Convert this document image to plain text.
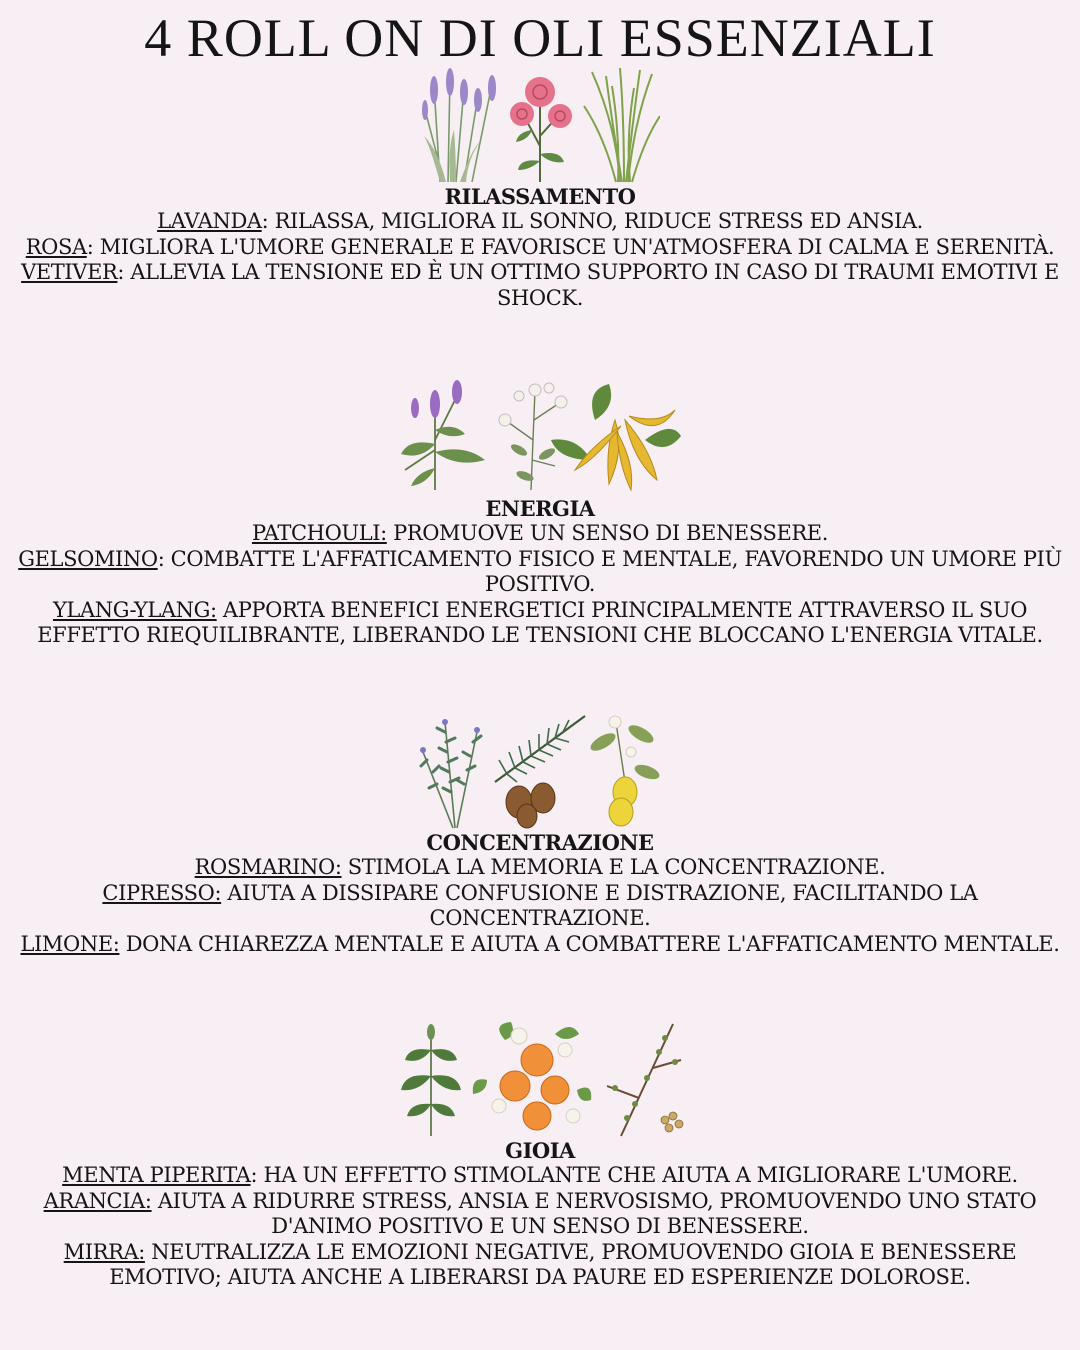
4 ROLL ON DI OLI ESSENZIALI
RILASSAMENTO
LAVANDA: RILASSA, MIGLIORA IL SONNO, RIDUCE STRESS ED ANSIA.
ROSA: MIGLIORA L'UMORE GENERALE E FAVORISCE UN'ATMOSFERA DI CALMA E SERENITÀ.
VETIVER: ALLEVIA LA TENSIONE ED È UN OTTIMO SUPPORTO IN CASO DI TRAUMI EMOTIVI E SHOCK.
ENERGIA
PATCHOULI: PROMUOVE UN SENSO DI BENESSERE.
GELSOMINO: COMBATTE L'AFFATICAMENTO FISICO E MENTALE, FAVORENDO UN UMORE PIÙ POSITIVO.
YLANG-YLANG: APPORTA BENEFICI ENERGETICI PRINCIPALMENTE ATTRAVERSO IL SUO EFFETTO RIEQUILIBRANTE, LIBERANDO LE TENSIONI CHE BLOCCANO L'ENERGIA VITALE.
CONCENTRAZIONE
ROSMARINO: STIMOLA LA MEMORIA E LA CONCENTRAZIONE.
CIPRESSO: AIUTA A DISSIPARE CONFUSIONE E DISTRAZIONE, FACILITANDO LA CONCENTRAZIONE.
LIMONE: DONA CHIAREZZA MENTALE E AIUTA A COMBATTERE L'AFFATICAMENTO MENTALE.
GIOIA
MENTA PIPERITA: HA UN EFFETTO STIMOLANTE CHE AIUTA A MIGLIORARE L'UMORE.
ARANCIA: AIUTA A RIDURRE STRESS, ANSIA E NERVOSISMO, PROMUOVENDO UNO STATO D'ANIMO POSITIVO E UN SENSO DI BENESSERE.
MIRRA: NEUTRALIZZA LE EMOZIONI NEGATIVE, PROMUOVENDO GIOIA E BENESSERE EMOTIVO; AIUTA ANCHE A LIBERARSI DA PAURE ED ESPERIENZE DOLOROSE.
